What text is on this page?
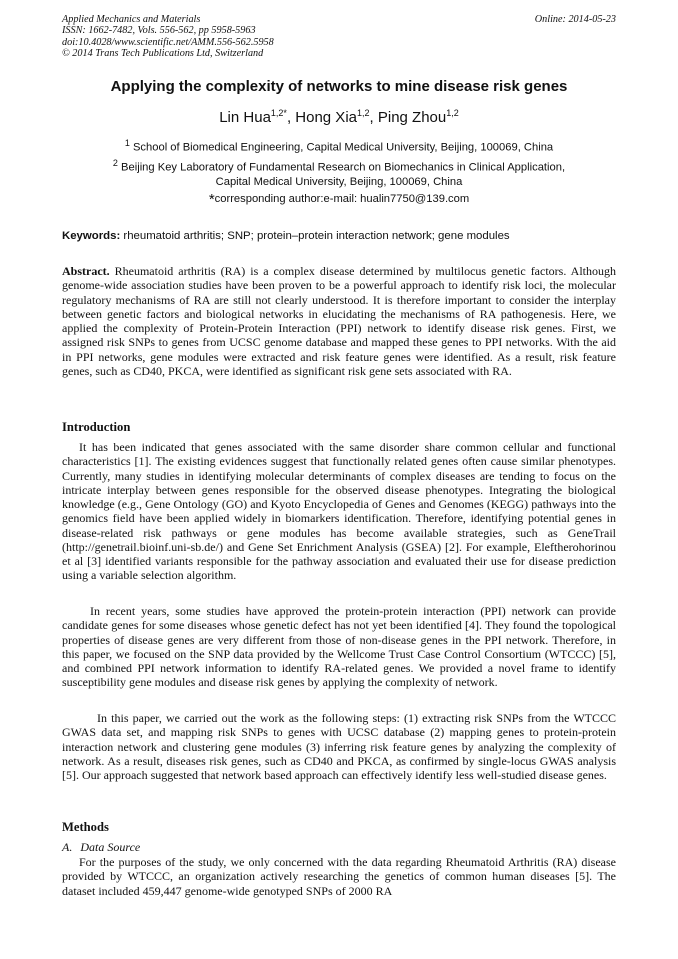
Applied Mechanics and Materials
ISSN: 1662-7482, Vols. 556-562, pp 5958-5963
doi:10.4028/www.scientific.net/AMM.556-562.5958
© 2014 Trans Tech Publications Ltd, Switzerland
Online: 2014-05-23
Applying the complexity of networks to mine disease risk genes
Lin Hua$^{1,2*}$, Hong Xia$^{1,2}$, Ping Zhou$^{1,2}$
$^1$ School of Biomedical Engineering, Capital Medical University, Beijing, 100069, China
$^2$ Beijing Key Laboratory of Fundamental Research on Biomechanics in Clinical Application,
Capital Medical University, Beijing, 100069, China
*corresponding author:e-mail: hualin7750@139.com
Keywords: rheumatoid arthritis; SNP; protein–protein interaction network; gene modules

Abstract. Rheumatoid arthritis (RA) is a complex disease determined by multilocus genetic factors. Although genome-wide association studies have been proven to be a powerful approach to identify risk loci, the molecular regulatory mechanisms of RA are still not clearly understood. It is therefore important to consider the interplay between genetic factors and biological networks in elucidating the mechanisms of RA pathogenesis. Here, we applied the complexity of Protein-Protein Interaction (PPI) network to identify disease risk genes. First, we assigned risk SNPs to genes from UCSC genome database and mapped these genes to PPI networks. With the aid in PPI networks, gene modules were extracted and risk feature genes were identified. As a result, risk feature genes, such as CD40, PKCA, were identified as significant risk gene sets associated with RA.

Introduction

It has been indicated that genes associated with the same disorder share common cellular and functional characteristics [1]. The existing evidences suggest that functionally related genes often cause similar phenotypes. Currently, many studies in identifying molecular determinants of complex diseases are tending to focus on the intricate interplay between genes responsible for the observed disease phenotypes. Integrating the biological knowledge (e.g., Gene Ontology (GO) and Kyoto Encyclopedia of Genes and Genomes (KEGG) pathways into the genomics field have been applied widely in biomarkers identification. Therefore, identifying potential genes in disease-related risk pathways or gene modules has become available strategies, such as GeneTrail (http://genetrail.bioinf.uni-sb.de/) and Gene Set Enrichment Analysis (GSEA) [2]. For example, Eleftherohorinou et al [3] identified variants responsible for the pathway association and evaluated their use for disease prediction using a variable selection algorithm.

In recent years, some studies have approved the protein-protein interaction (PPI) network can provide candidate genes for some diseases whose genetic defect has not yet been identified [4]. They found the topological properties of disease genes are very different from those of non-disease genes in the PPI network. Therefore, in this paper, we focused on the SNP data provided by the Wellcome Trust Case Control Consortium (WTCCC) [5], and combined PPI network information to identify RA-related genes. We provided a novel frame to identify susceptibility gene modules and disease risk genes by applying the complexity of network.

In this paper, we carried out the work as the following steps: (1) extracting risk SNPs from the WTCCC GWAS data set, and mapping risk SNPs to genes with UCSC database (2) mapping genes to protein-protein interaction network and clustering gene modules (3) inferring risk feature genes by analyzing the complexity of network. As a result, diseases risk genes, such as CD40 and PKCA, as confirmed by single-locus GWAS analysis [5]. Our approach suggested that network based approach can effectively identify less well-studied disease genes.

Methods

A. Data Source

For the purposes of the study, we only concerned with the data regarding Rheumatoid Arthritis (RA) disease provided by WTCCC, an organization actively researching the genetics of common human diseases [5]. The dataset included 459,447 genome-wide genotyped SNPs of 2000 RA
